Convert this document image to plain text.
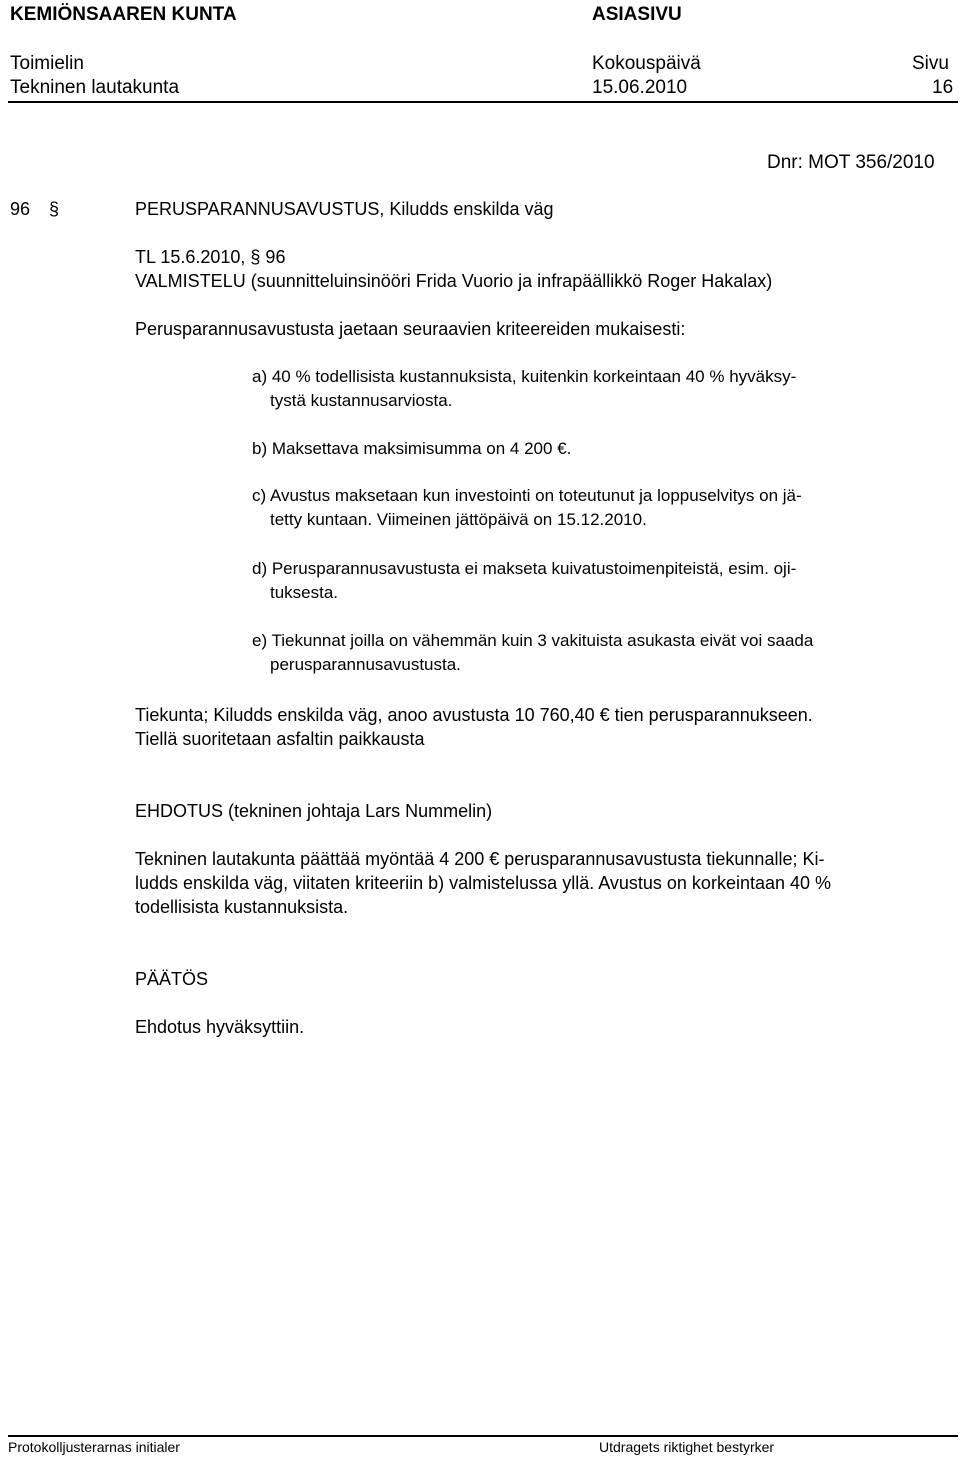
KEMIÖNSAAREN KUNTA	ASIASIVU
Toimielin	Kokouspäivä	Sivu
Tekninen lautakunta	15.06.2010	16
Dnr: MOT 356/2010
96 §	PERUSPARANNUSAVUSTUS, Kiludds enskilda väg
TL 15.6.2010, § 96
VALMISTELU (suunnitteluinsinööri Frida Vuorio ja infrapäällikkö Roger Hakalax)
Perusparannusavustusta jaetaan seuraavien kriteereiden mukaisesti:
a) 40 % todellisista kustannuksista, kuitenkin korkeintaan 40 % hyväksy-
tystä kustannusarviosta.
b) Maksettava maksimisumma on 4 200 €.
c) Avustus maksetaan kun investointi on toteutunut ja loppuselvitys on jä-
tetty kuntaan. Viimeinen jättöpäivä on 15.12.2010.
d) Perusparannusavustusta ei makseta kuivatustoimenpiteistä, esim. oji-
tuksesta.
e) Tiekunnat joilla on vähemmän kuin 3 vakituista asukasta eivät voi saada
perusparannusavustusta.
Tiekunta; Kiludds enskilda väg, anoo avustusta 10 760,40 € tien perusparannukseen.
Tiellä suoritetaan asfaltin paikkausta
EHDOTUS (tekninen johtaja Lars Nummelin)
Tekninen lautakunta päättää myöntää 4 200 € perusparannusavustusta tiekunnalle; Ki-
ludds enskilda väg, viitaten kriteeriin b) valmistelussa yllä. Avustus on korkeintaan 40 %
todellisista kustannuksista.
PÄÄTÖS
Ehdotus hyväksyttiin.
Protokolljusterarnas initialer	Utdragets riktighet bestyrker
